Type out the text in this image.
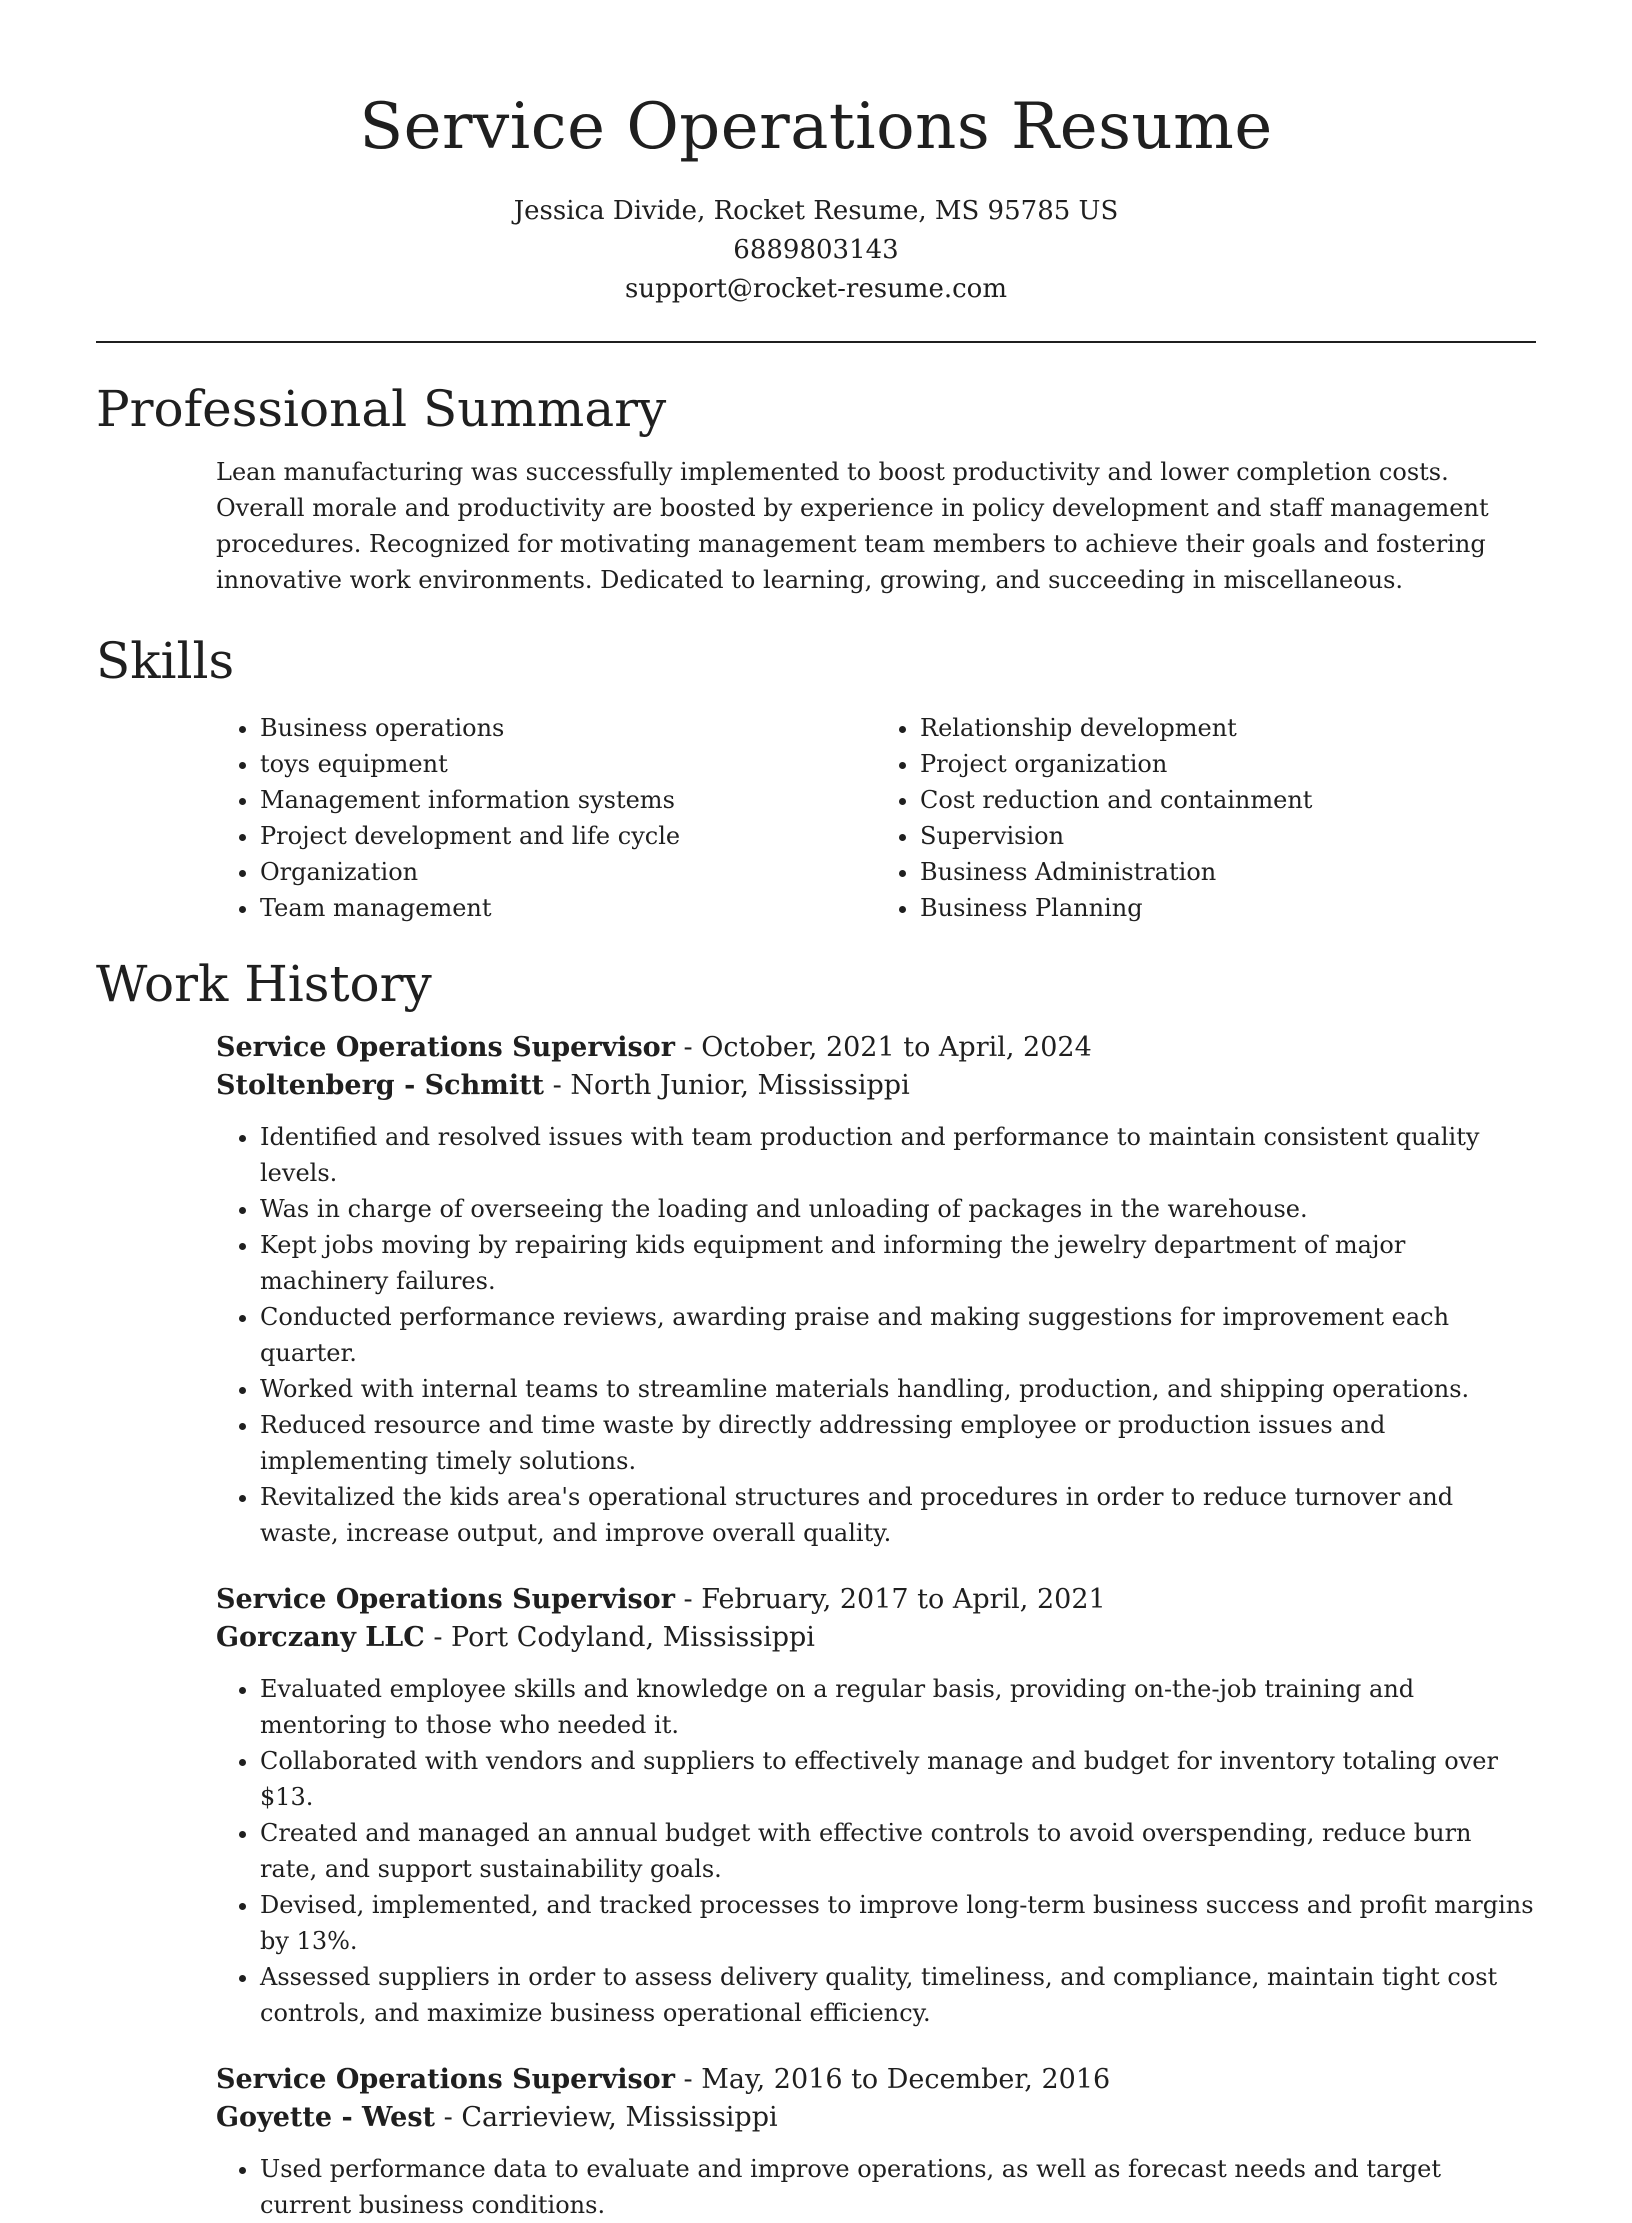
Service Operations Resume
Jessica Divide, Rocket Resume, MS 95785 US
6889803143
support@rocket-resume.com
Professional Summary

Lean manufacturing was successfully implemented to boost productivity and lower completion costs. Overall morale and productivity are boosted by experience in policy development and staff management procedures. Recognized for motivating management team members to achieve their goals and fostering innovative work environments. Dedicated to learning, growing, and succeeding in miscellaneous.

Skills
• Business operations
• toys equipment
• Management information systems
• Project development and life cycle
• Organization
• Team management
• Relationship development
• Project organization
• Cost reduction and containment
• Supervision
• Business Administration
• Business Planning
Work History
Service Operations Supervisor - October, 2021 to April, 2024
Stoltenberg - Schmitt - North Junior, Mississippi
• Identified and resolved issues with team production and performance to maintain consistent quality levels.
• Was in charge of overseeing the loading and unloading of packages in the warehouse.
• Kept jobs moving by repairing kids equipment and informing the jewelry department of major machinery failures.
• Conducted performance reviews, awarding praise and making suggestions for improvement each quarter.
• Worked with internal teams to streamline materials handling, production, and shipping operations.
• Reduced resource and time waste by directly addressing employee or production issues and implementing timely solutions.
• Revitalized the kids area's operational structures and procedures in order to reduce turnover and waste, increase output, and improve overall quality.
Service Operations Supervisor - February, 2017 to April, 2021
Gorczany LLC - Port Codyland, Mississippi
• Evaluated employee skills and knowledge on a regular basis, providing on-the-job training and mentoring to those who needed it.
• Collaborated with vendors and suppliers to effectively manage and budget for inventory totaling over $13.
• Created and managed an annual budget with effective controls to avoid overspending, reduce burn rate, and support sustainability goals.
• Devised, implemented, and tracked processes to improve long-term business success and profit margins by 13%.
• Assessed suppliers in order to assess delivery quality, timeliness, and compliance, maintain tight cost controls, and maximize business operational efficiency.
Service Operations Supervisor - May, 2016 to December, 2016
Goyette - West - Carrieview, Mississippi
• Used performance data to evaluate and improve operations, as well as forecast needs and target current business conditions.
